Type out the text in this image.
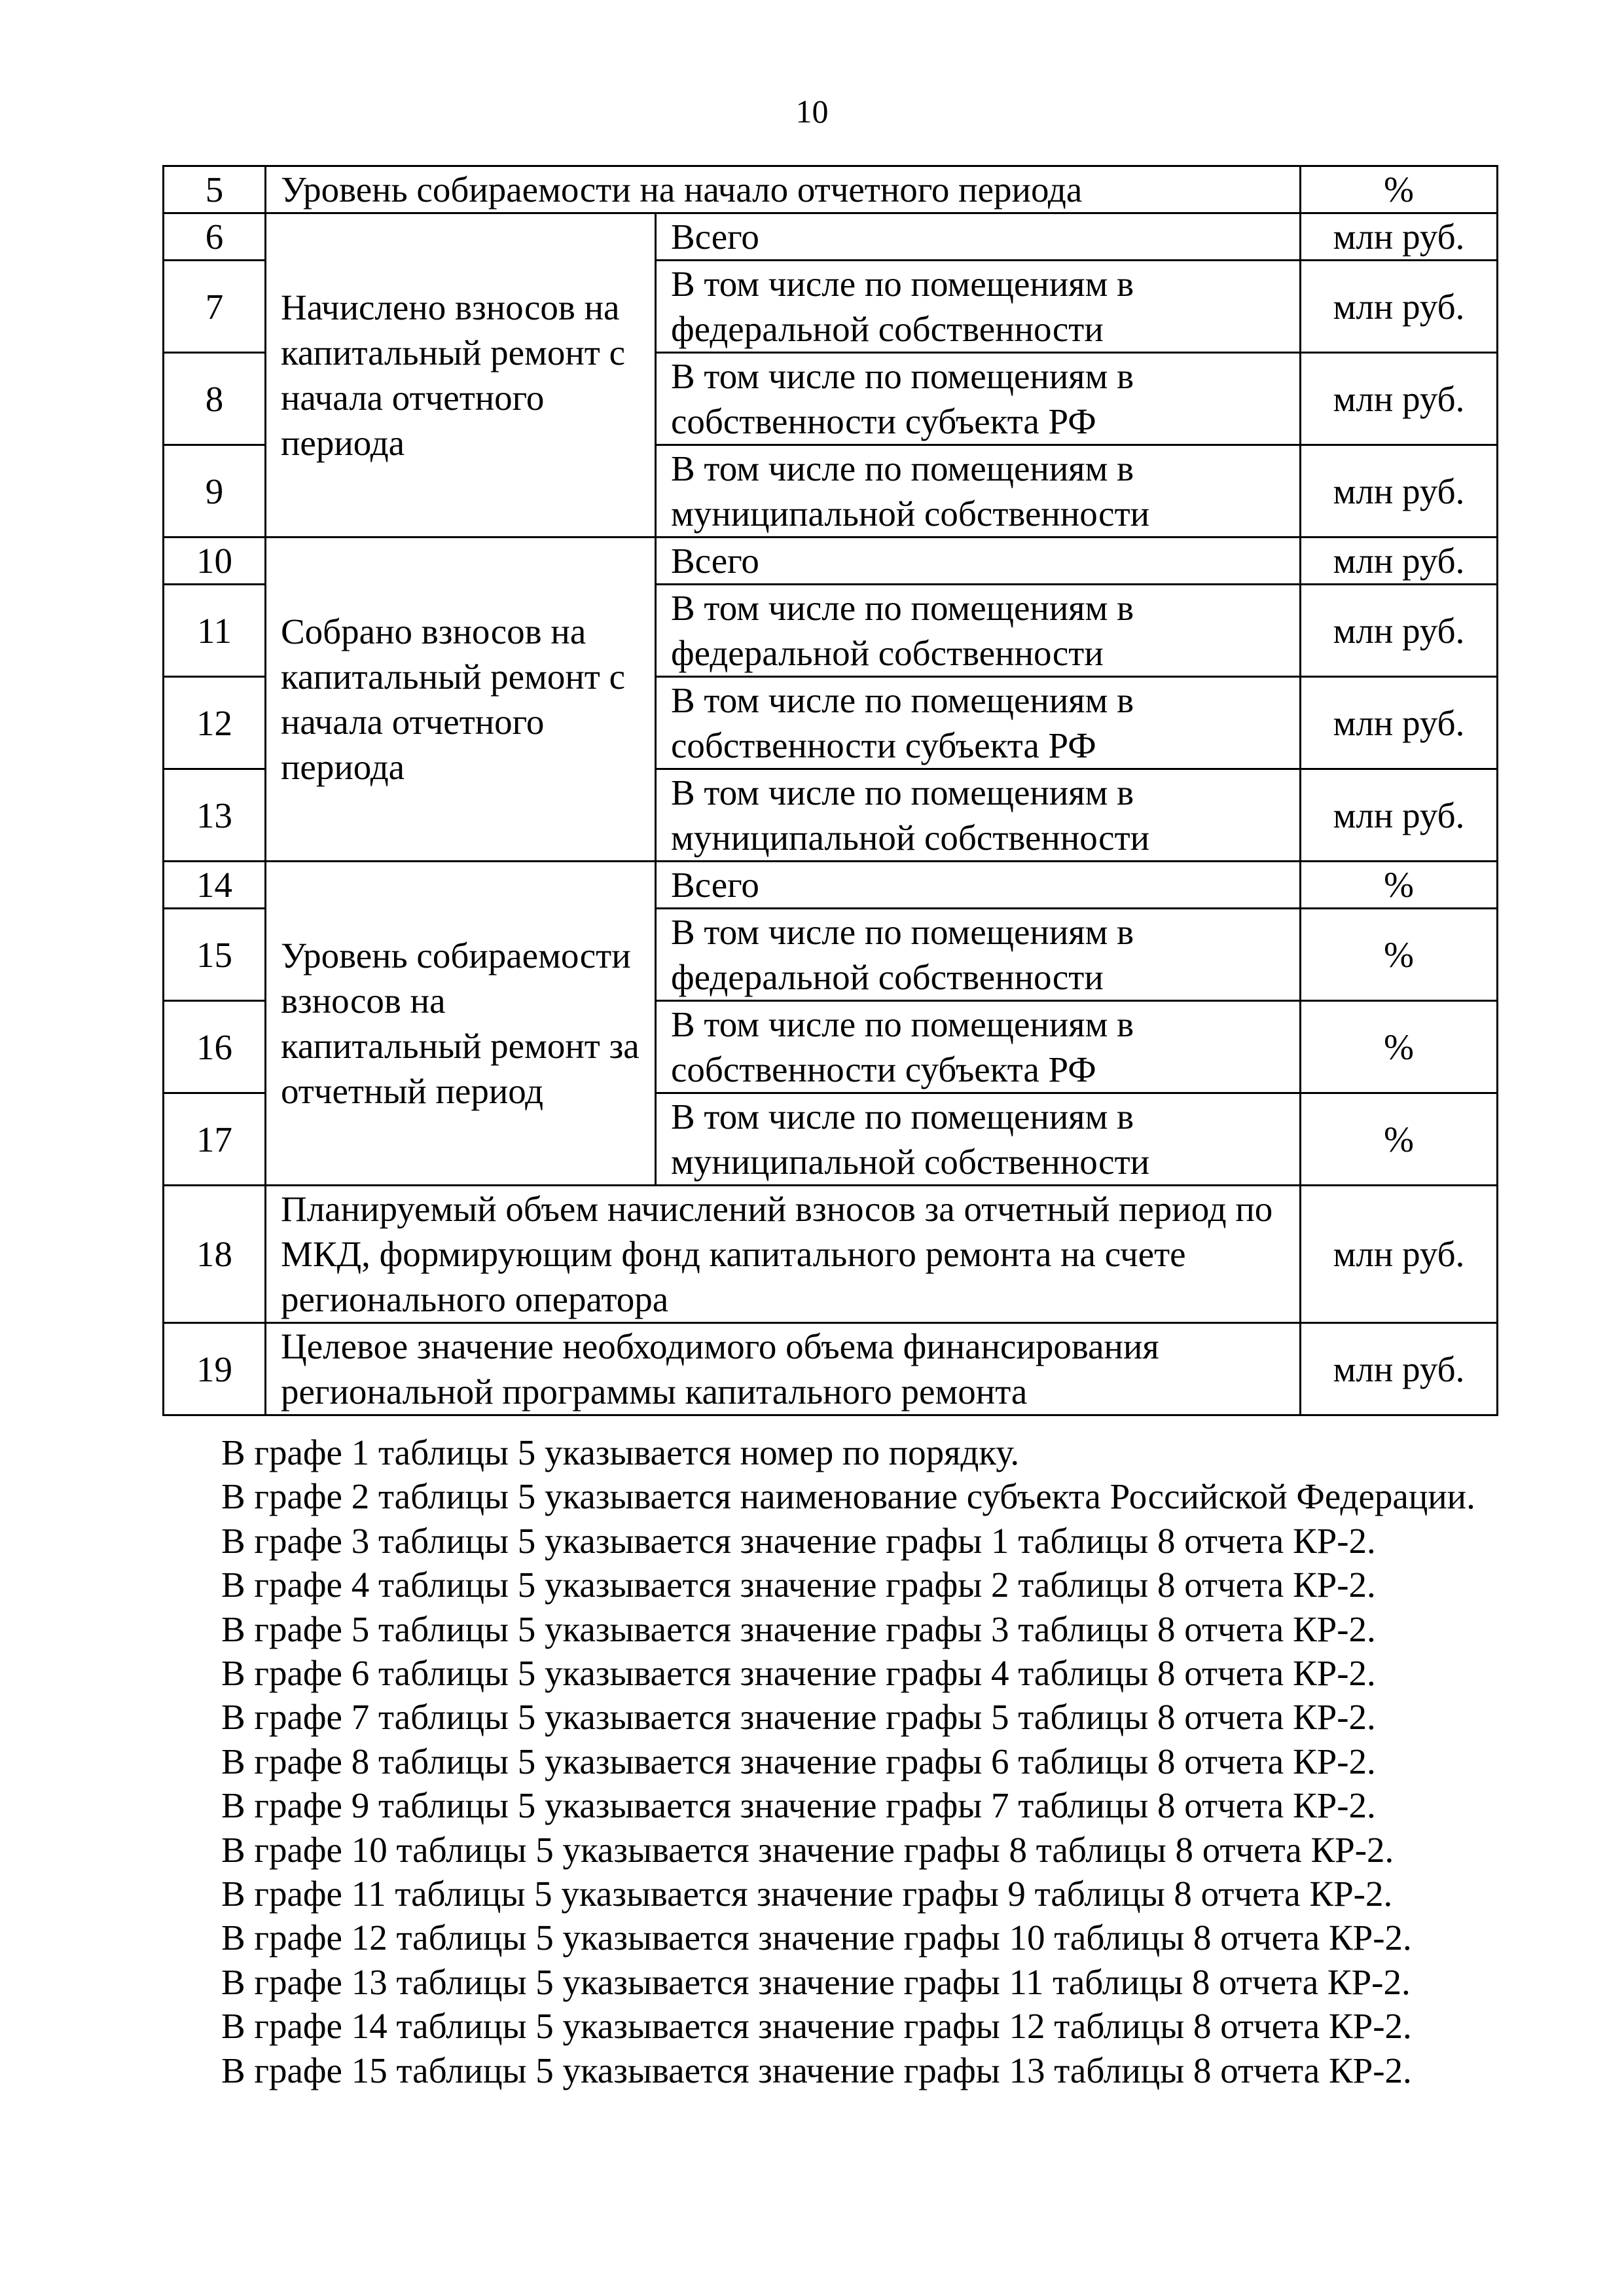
10
5	Уровень собираемости на начало отчетного периода		%
6	Начислено взносов на капитальный ремонт с начала отчетного периода	Всего	млн руб.
7		В том числе по помещениям в федеральной собственности	млн руб.
8		В том числе по помещениям в собственности субъекта РФ	млн руб.
9		В том числе по помещениям в муниципальной собственности	млн руб.
10	Собрано взносов на капитальный ремонт с начала отчетного периода	Всего	млн руб.
11		В том числе по помещениям в федеральной собственности	млн руб.
12		В том числе по помещениям в собственности субъекта РФ	млн руб.
13		В том числе по помещениям в муниципальной собственности	млн руб.
14	Уровень собираемости взносов на капитальный ремонт за отчетный период	Всего	%
15		В том числе по помещениям в федеральной собственности	%
16		В том числе по помещениям в собственности субъекта РФ	%
17		В том числе по помещениям в муниципальной собственности	%
18	Планируемый объем начислений взносов за отчетный период по МКД, формирующим фонд капитального ремонта на счете регионального оператора		млн руб.
19	Целевое значение необходимого объема финансирования региональной программы капитального ремонта		млн руб.

В графе 1 таблицы 5 указывается номер по порядку.

В графе 2 таблицы 5 указывается наименование субъекта Российской Федерации.

В графе 3 таблицы 5 указывается значение графы 1 таблицы 8 отчета КР-2.

В графе 4 таблицы 5 указывается значение графы 2 таблицы 8 отчета КР-2.

В графе 5 таблицы 5 указывается значение графы 3 таблицы 8 отчета КР-2.

В графе 6 таблицы 5 указывается значение графы 4 таблицы 8 отчета КР-2.

В графе 7 таблицы 5 указывается значение графы 5 таблицы 8 отчета КР-2.

В графе 8 таблицы 5 указывается значение графы 6 таблицы 8 отчета КР-2.

В графе 9 таблицы 5 указывается значение графы 7 таблицы 8 отчета КР-2.

В графе 10 таблицы 5 указывается значение графы 8 таблицы 8 отчета КР-2.

В графе 11 таблицы 5 указывается значение графы 9 таблицы 8 отчета КР-2.

В графе 12 таблицы 5 указывается значение графы 10 таблицы 8 отчета КР-2.

В графе 13 таблицы 5 указывается значение графы 11 таблицы 8 отчета КР-2.

В графе 14 таблицы 5 указывается значение графы 12 таблицы 8 отчета КР-2.

В графе 15 таблицы 5 указывается значение графы 13 таблицы 8 отчета КР-2.
